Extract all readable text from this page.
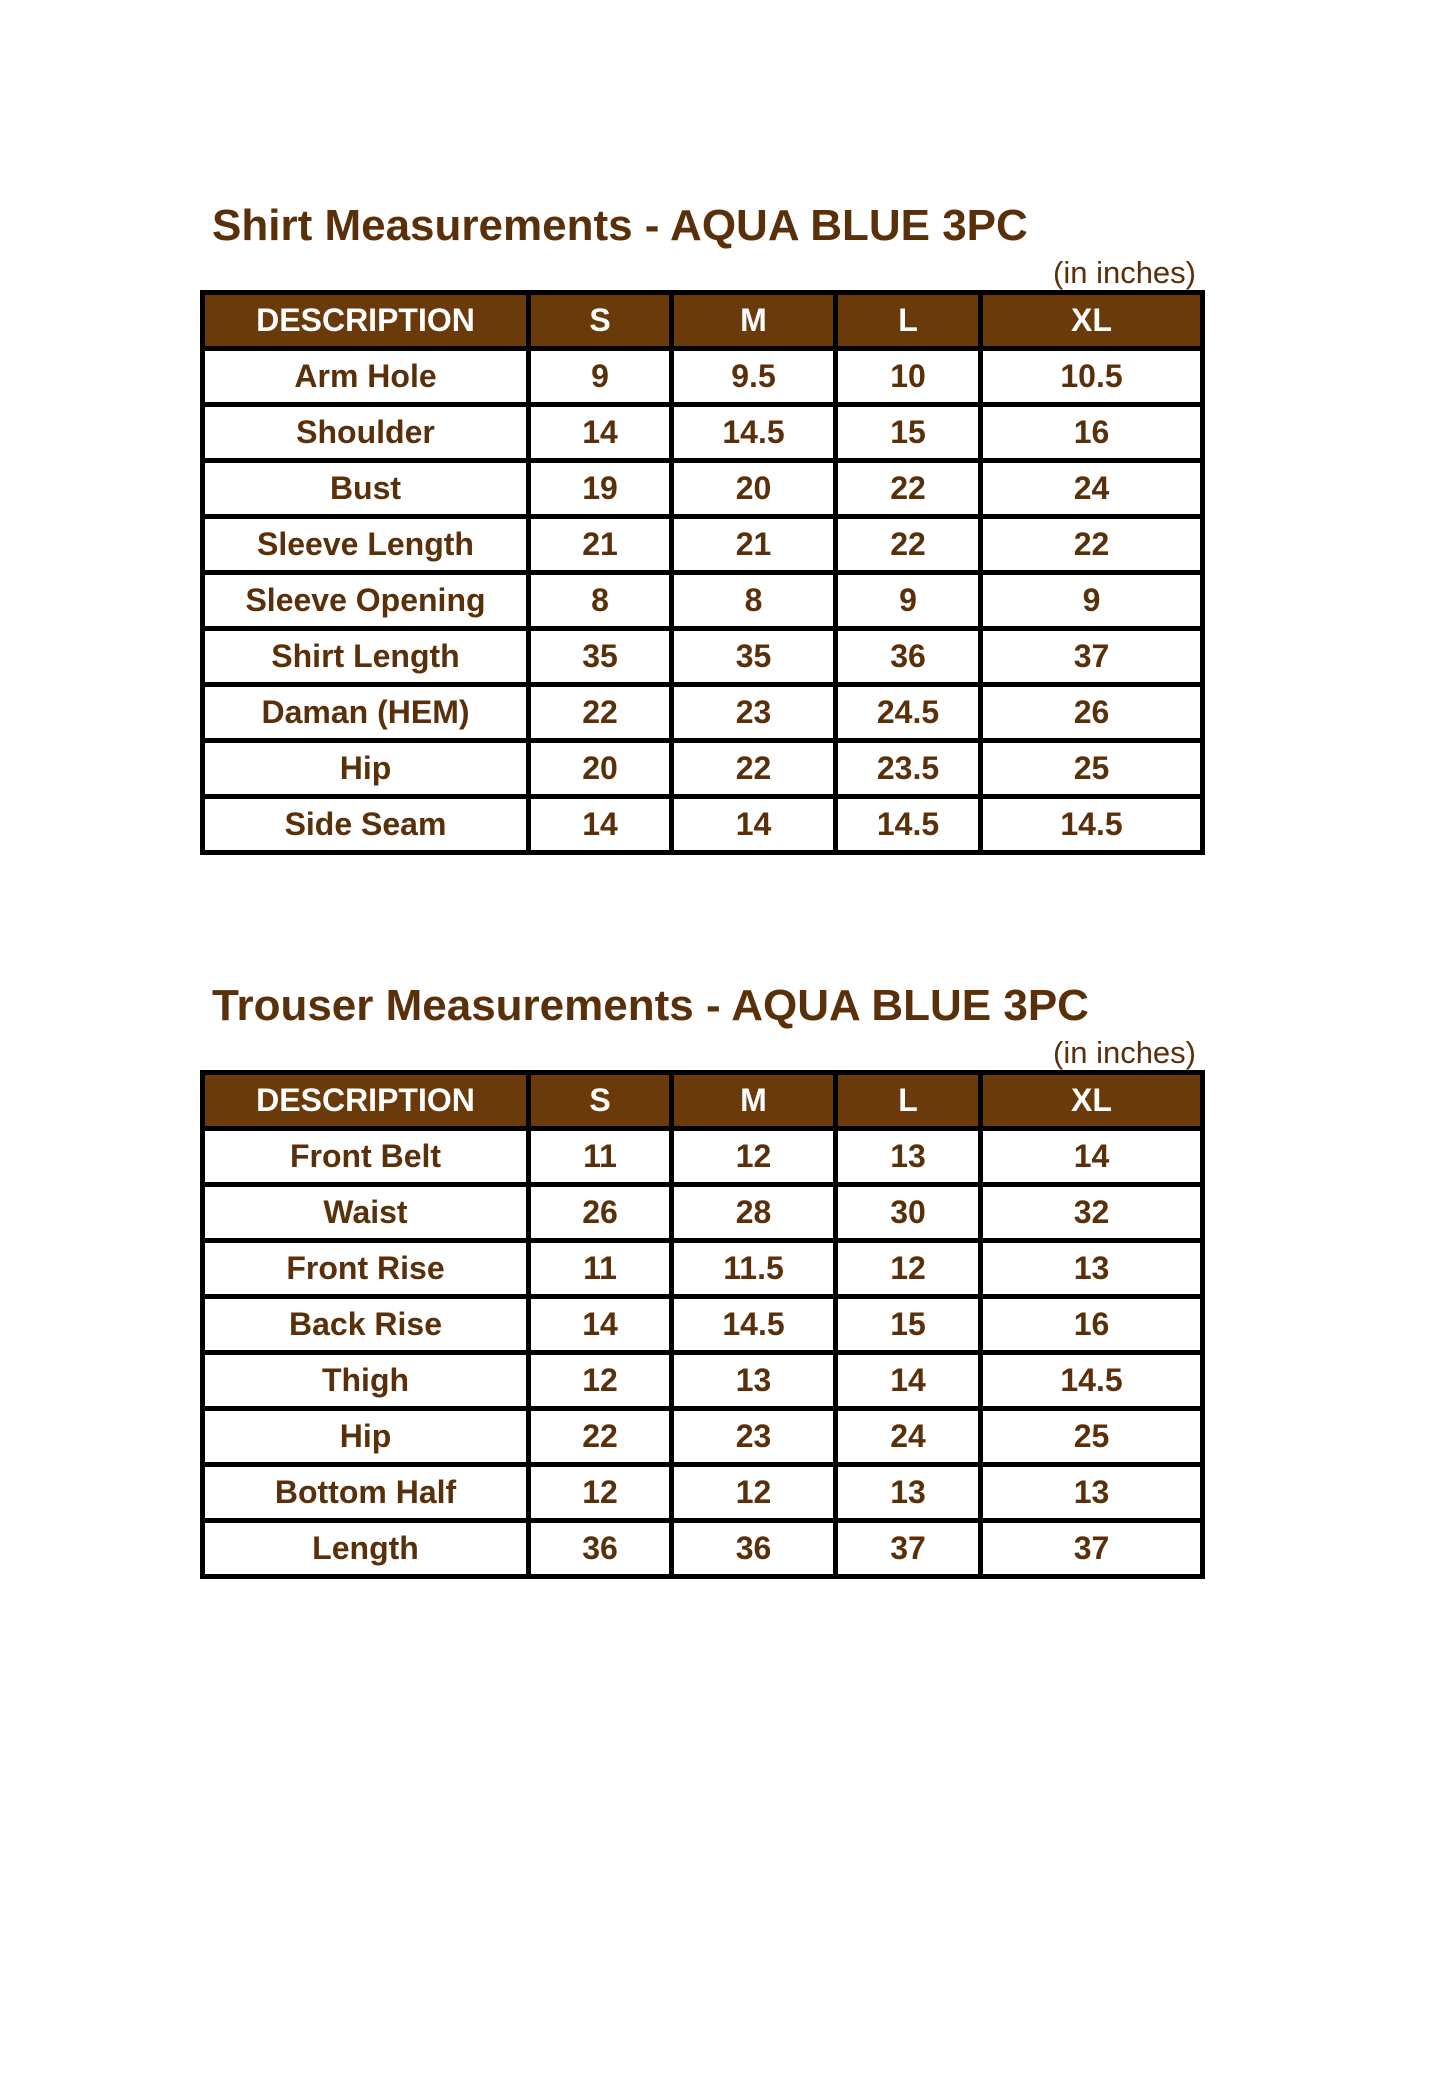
Shirt Measurements - AQUA BLUE 3PC
(in inches)
DESCRIPTION	S	M	L	XL
Arm Hole	9	9.5	10	10.5
Shoulder	14	14.5	15	16
Bust	19	20	22	24
Sleeve Length	21	21	22	22
Sleeve Opening	8	8	9	9
Shirt Length	35	35	36	37
Daman (HEM)	22	23	24.5	26
Hip	20	22	23.5	25
Side Seam	14	14	14.5	14.5
Trouser Measurements - AQUA BLUE 3PC
(in inches)
DESCRIPTION	S	M	L	XL
Front Belt	11	12	13	14
Waist	26	28	30	32
Front Rise	11	11.5	12	13
Back Rise	14	14.5	15	16
Thigh	12	13	14	14.5
Hip	22	23	24	25
Bottom Half	12	12	13	13
Length	36	36	37	37
